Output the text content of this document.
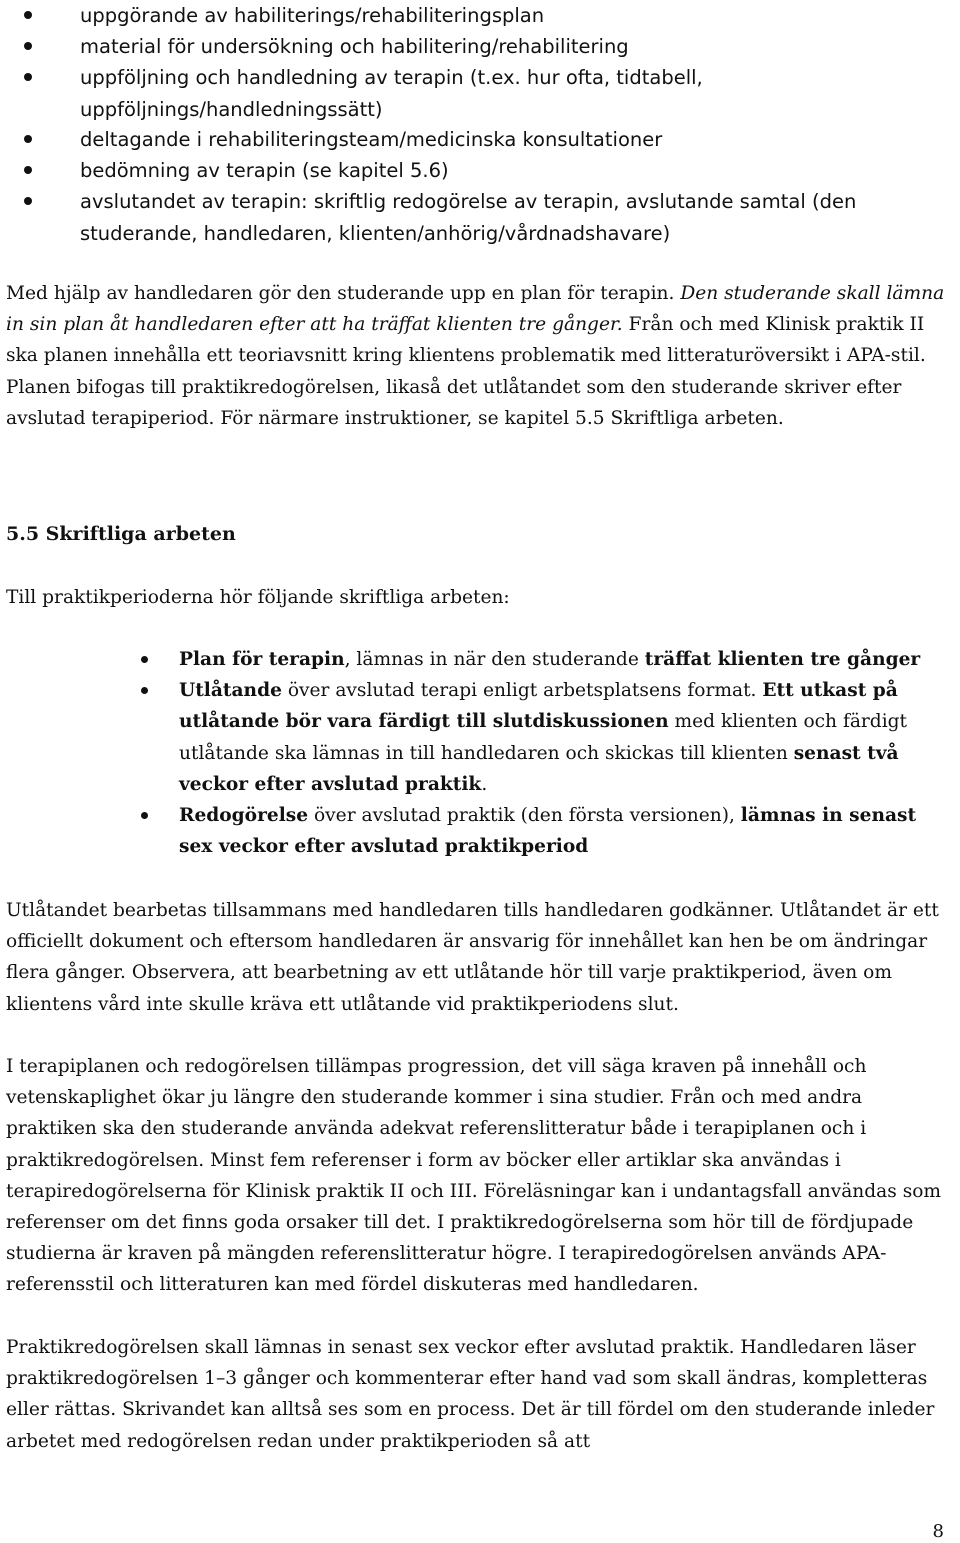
uppgörande av habiliterings/rehabiliteringsplan
material för undersökning och habilitering/rehabilitering
uppföljning och handledning av terapin (t.ex. hur ofta, tidtabell, uppföljnings/handledningssätt)
deltagande i rehabiliteringsteam/medicinska konsultationer
bedömning av terapin (se kapitel 5.6)
avslutandet av terapin: skriftlig redogörelse av terapin, avslutande samtal (den studerande, handledaren, klienten/anhörig/vårdnadshavare)

Med hjälp av handledaren gör den studerande upp en plan för terapin. Den studerande skall lämna in sin plan åt handledaren efter att ha träffat klienten tre gånger. Från och med Klinisk praktik II ska planen innehålla ett teoriavsnitt kring klientens problematik med litteraturöversikt i APA-stil. Planen bifogas till praktikredogörelsen, likaså det utlåtandet som den studerande skriver efter avslutad terapiperiod. För närmare instruktioner, se kapitel 5.5 Skriftliga arbeten.

5.5 Skriftliga arbeten

Till praktikperioderna hör följande skriftliga arbeten:

Plan för terapin, lämnas in när den studerande träffat klienten tre gånger
Utlåtande över avslutad terapi enligt arbetsplatsens format. Ett utkast på utlåtande bör vara färdigt till slutdiskussionen med klienten och färdigt utlåtande ska lämnas in till handledaren och skickas till klienten senast två veckor efter avslutad praktik.
Redogörelse över avslutad praktik (den första versionen), lämnas in senast sex veckor efter avslutad praktikperiod

Utlåtandet bearbetas tillsammans med handledaren tills handledaren godkänner. Utlåtandet är ett officiellt dokument och eftersom handledaren är ansvarig för innehållet kan hen be om ändringar flera gånger. Observera, att bearbetning av ett utlåtande hör till varje praktikperiod, även om klientens vård inte skulle kräva ett utlåtande vid praktikperiodens slut.

I terapiplanen och redogörelsen tillämpas progression, det vill säga kraven på innehåll och vetenskaplighet ökar ju längre den studerande kommer i sina studier. Från och med andra praktiken ska den studerande använda adekvat referenslitteratur både i terapiplanen och i praktikredogörelsen. Minst fem referenser i form av böcker eller artiklar ska användas i terapiredogörelserna för Klinisk praktik II och III. Föreläsningar kan i undantagsfall användas som referenser om det finns goda orsaker till det. I praktikredogörelserna som hör till de fördjupade studierna är kraven på mängden referenslitteratur högre. I terapiredogörelsen används APA-referensstil och litteraturen kan med fördel diskuteras med handledaren.

Praktikredogörelsen skall lämnas in senast sex veckor efter avslutad praktik. Handledaren läser praktikredogörelsen 1–3 gånger och kommenterar efter hand vad som skall ändras, kompletteras eller rättas. Skrivandet kan alltså ses som en process. Det är till fördel om den studerande inleder arbetet med redogörelsen redan under praktikperioden så att

8
